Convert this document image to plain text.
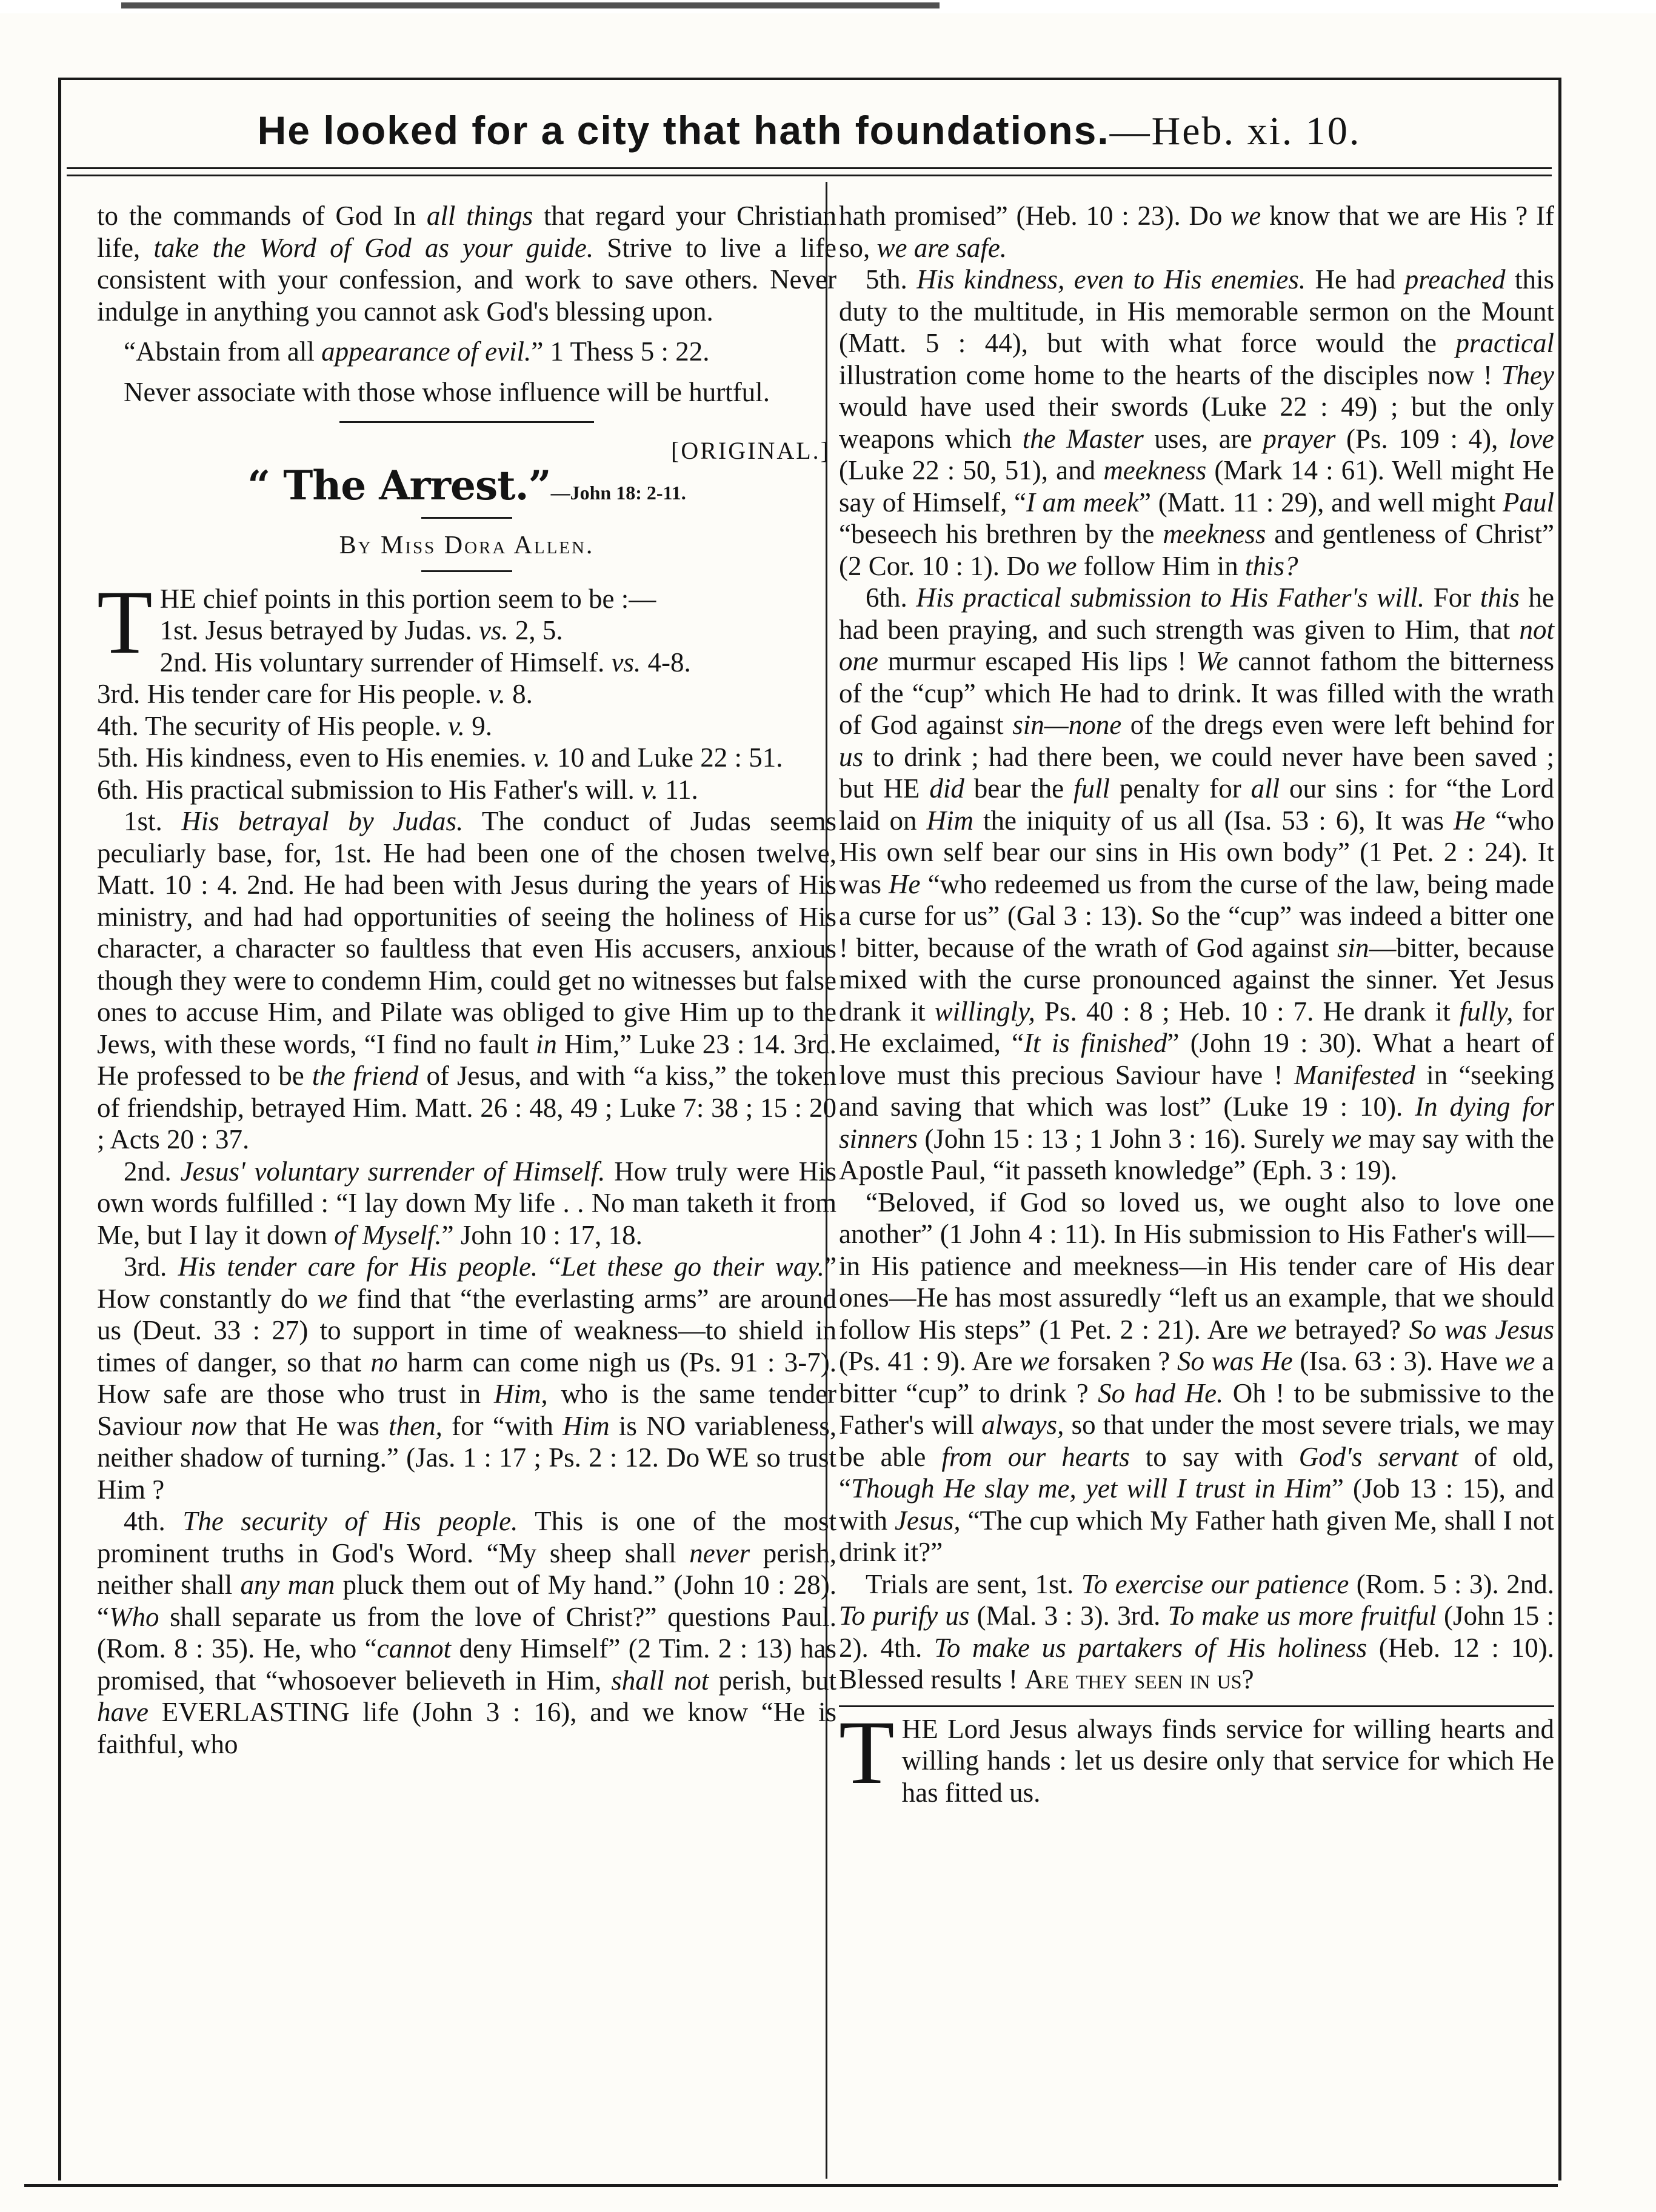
He looked for a city that hath foundations.—Heb. xi. 10.

to the commands of God In all things that regard your Christian life, take the Word of God as your guide. Strive to live a life consistent with your confession, and work to save others. Never indulge in anything you cannot ask God's blessing upon.

“Abstain from all appearance of evil.” 1 Thess 5 : 22.

Never associate with those whose influence will be hurtful.

[ORIGINAL.]
“ The Arrest.”—John 18: 2-11.
By Miss Dora Allen.

THE chief points in this portion seem to be :—

1st. Jesus betrayed by Judas. vs. 2, 5.

2nd. His voluntary surrender of Himself. vs. 4-8.

3rd. His tender care for His people. v. 8.

4th. The security of His people. v. 9.

5th. His kindness, even to His enemies. v. 10 and Luke 22 : 51.

6th. His practical submission to His Father's will. v. 11.

1st. His betrayal by Judas. The conduct of Judas seems peculiarly base, for, 1st. He had been one of the chosen twelve, Matt. 10 : 4. 2nd. He had been with Jesus during the years of His ministry, and had had opportunities of seeing the holiness of His character, a character so faultless that even His accusers, anxious though they were to condemn Him, could get no witnesses but false ones to accuse Him, and Pilate was obliged to give Him up to the Jews, with these words, “I find no fault in Him,” Luke 23 : 14. 3rd. He professed to be the friend of Jesus, and with “a kiss,” the token of friendship, betrayed Him. Matt. 26 : 48, 49 ; Luke 7: 38 ; 15 : 20 ; Acts 20 : 37.

2nd. Jesus' voluntary surrender of Himself. How truly were His own words fulfilled : “I lay down My life . . No man taketh it from Me, but I lay it down of Myself.” John 10 : 17, 18.

3rd. His tender care for His people. “Let these go their way.” How constantly do we find that “the everlasting arms” are around us (Deut. 33 : 27) to support in time of weakness—to shield in times of danger, so that no harm can come nigh us (Ps. 91 : 3-7). How safe are those who trust in Him, who is the same tender Saviour now that He was then, for “with Him is NO variableness, neither shadow of turning.” (Jas. 1 : 17 ; Ps. 2 : 12. Do WE so trust Him ?

4th. The security of His people. This is one of the most prominent truths in God's Word. “My sheep shall never perish, neither shall any man pluck them out of My hand.” (John 10 : 28). “Who shall separate us from the love of Christ?” questions Paul. (Rom. 8 : 35). He, who “cannot deny Himself” (2 Tim. 2 : 13) has promised, that “whosoever believeth in Him, shall not perish, but have EVERLASTING life (John 3 : 16), and we know “He is faithful, who

hath promised” (Heb. 10 : 23). Do we know that we are His ? If so, we are safe.

5th. His kindness, even to His enemies. He had preached this duty to the multitude, in His memorable sermon on the Mount (Matt. 5 : 44), but with what force would the practical illustration come home to the hearts of the disciples now ! They would have used their swords (Luke 22 : 49) ; but the only weapons which the Master uses, are prayer (Ps. 109 : 4), love (Luke 22 : 50, 51), and meekness (Mark 14 : 61). Well might He say of Himself, “I am meek” (Matt. 11 : 29), and well might Paul “beseech his brethren by the meekness and gentleness of Christ” (2 Cor. 10 : 1). Do we follow Him in this?

6th. His practical submission to His Father's will. For this he had been praying, and such strength was given to Him, that not one murmur escaped His lips ! We cannot fathom the bitterness of the “cup” which He had to drink. It was filled with the wrath of God against sin—none of the dregs even were left behind for us to drink ; had there been, we could never have been saved ; but HE did bear the full penalty for all our sins : for “the Lord laid on Him the iniquity of us all (Isa. 53 : 6), It was He “who His own self bear our sins in His own body” (1 Pet. 2 : 24). It was He “who redeemed us from the curse of the law, being made a curse for us” (Gal 3 : 13). So the “cup” was indeed a bitter one ! bitter, because of the wrath of God against sin—bitter, because mixed with the curse pronounced against the sinner. Yet Jesus drank it willingly, Ps. 40 : 8 ; Heb. 10 : 7. He drank it fully, for He exclaimed, “It is finished” (John 19 : 30). What a heart of love must this precious Saviour have ! Manifested in “seeking and saving that which was lost” (Luke 19 : 10). In dying for sinners (John 15 : 13 ; 1 John 3 : 16). Surely we may say with the Apostle Paul, “it passeth knowledge” (Eph. 3 : 19).

“Beloved, if God so loved us, we ought also to love one another” (1 John 4 : 11). In His submission to His Father's will—in His patience and meekness—in His tender care of His dear ones—He has most assuredly “left us an example, that we should follow His steps” (1 Pet. 2 : 21). Are we betrayed? So was Jesus (Ps. 41 : 9). Are we forsaken ? So was He (Isa. 63 : 3). Have we a bitter “cup” to drink ? So had He. Oh ! to be submissive to the Father's will always, so that under the most severe trials, we may be able from our hearts to say with God's servant of old, “Though He slay me, yet will I trust in Him” (Job 13 : 15), and with Jesus, “The cup which My Father hath given Me, shall I not drink it?”

Trials are sent, 1st. To exercise our patience (Rom. 5 : 3). 2nd. To purify us (Mal. 3 : 3). 3rd. To make us more fruitful (John 15 : 2). 4th. To make us partakers of His holiness (Heb. 12 : 10). Blessed results ! Are they seen in us?

THE Lord Jesus always finds service for willing hearts and willing hands : let us desire only that service for which He has fitted us.
